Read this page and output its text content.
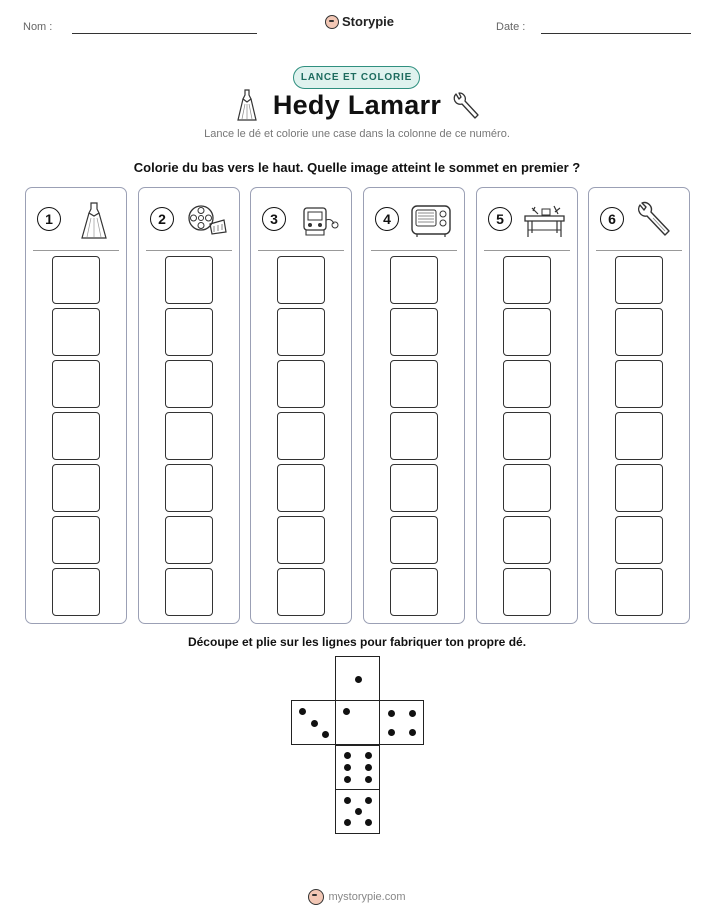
Nom :	Storypie	Date :
LANCE ET COLORIE
Hedy Lamarr
Lance le dé et colorie une case dans la colonne de ce numéro.
Colorie du bas vers le haut. Quelle image atteint le sommet en premier ?
1	2	3	4	5	6
Découpe et plie sur les lignes pour fabriquer ton propre dé.
mystorypie.com
